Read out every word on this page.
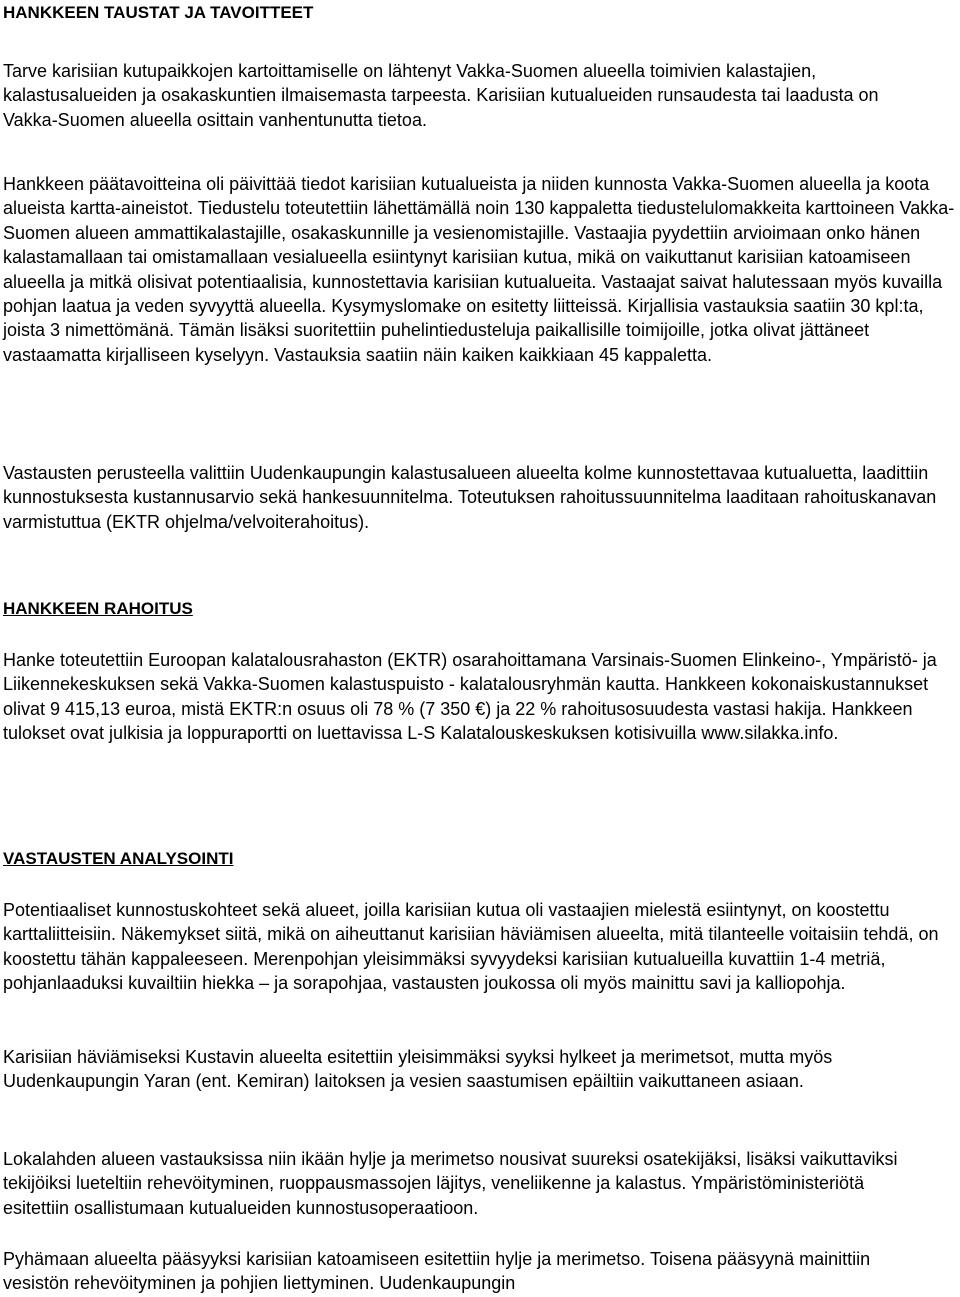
HANKKEEN TAUSTAT JA TAVOITTEET

Tarve karisiian kutupaikkojen kartoittamiselle on lähtenyt Vakka-Suomen alueella toimivien kalastajien, kalastusalueiden ja osakaskuntien ilmaisemasta tarpeesta. Karisiian kutualueiden runsaudesta tai laadusta on Vakka-Suomen alueella osittain vanhentunutta tietoa.

Hankkeen päätavoitteina oli päivittää tiedot karisiian kutualueista ja niiden kunnosta Vakka-Suomen alueella ja koota alueista kartta-aineistot. Tiedustelu toteutettiin lähettämällä noin 130 kappaletta tiedustelulomakkeita karttoineen Vakka-Suomen alueen ammattikalastajille, osakaskunnille ja vesienomistajille. Vastaajia pyydettiin arvioimaan onko hänen kalastamallaan tai omistamallaan vesialueella esiintynyt karisiian kutua, mikä on vaikuttanut karisiian katoamiseen alueella ja mitkä olisivat potentiaalisia, kunnostettavia karisiian kutualueita. Vastaajat saivat halutessaan myös kuvailla pohjan laatua ja veden syvyyttä alueella. Kysymyslomake on esitetty liitteissä. Kirjallisia vastauksia saatiin 30 kpl:ta, joista 3 nimettömänä. Tämän lisäksi suoritettiin puhelintiedusteluja paikallisille toimijoille, jotka olivat jättäneet vastaamatta kirjalliseen kyselyyn. Vastauksia saatiin näin kaiken kaikkiaan 45 kappaletta.

Vastausten perusteella valittiin Uudenkaupungin kalastusalueen alueelta kolme kunnostettavaa kutualuetta, laadittiin kunnostuksesta kustannusarvio sekä hankesuunnitelma. Toteutuksen rahoitussuunnitelma laaditaan rahoituskanavan varmistuttua (EKTR ohjelma/velvoiterahoitus).

HANKKEEN RAHOITUS

Hanke toteutettiin Euroopan kalatalousrahaston (EKTR) osarahoittamana Varsinais-Suomen Elinkeino-, Ympäristö- ja Liikennekeskuksen sekä Vakka-Suomen kalastuspuisto - kalatalousryhmän kautta. Hankkeen kokonaiskustannukset olivat 9 415,13 euroa, mistä EKTR:n osuus oli 78 % (7 350 €) ja 22 % rahoitusosuudesta vastasi hakija. Hankkeen tulokset ovat julkisia ja loppuraportti on luettavissa L-S Kalatalouskeskuksen kotisivuilla www.silakka.info.

VASTAUSTEN ANALYSOINTI

Potentiaaliset kunnostuskohteet sekä alueet, joilla karisiian kutua oli vastaajien mielestä esiintynyt, on koostettu karttaliitteisiin. Näkemykset siitä, mikä on aiheuttanut karisiian häviämisen alueelta, mitä tilanteelle voitaisiin tehdä, on koostettu tähän kappaleeseen. Merenpohjan yleisimmäksi syvyydeksi karisiian kutualueilla kuvattiin 1-4 metriä, pohjanlaaduksi kuvailtiin hiekka – ja sorapohjaa, vastausten joukossa oli myös mainittu savi ja kalliopohja.

Karisiian häviämiseksi Kustavin alueelta esitettiin yleisimmäksi syyksi hylkeet ja merimetsot, mutta myös Uudenkaupungin Yaran (ent. Kemiran) laitoksen ja vesien saastumisen epäiltiin vaikuttaneen asiaan.

Lokalahden alueen vastauksissa niin ikään hylje ja merimetso nousivat suureksi osatekijäksi, lisäksi vaikuttaviksi tekijöiksi lueteltiin rehevöityminen, ruoppausmassojen läjitys, veneliikenne ja kalastus. Ympäristöministeriötä esitettiin osallistumaan kutualueiden kunnostusoperaatioon.

Pyhämaan alueelta pääsyyksi karisiian katoamiseen esitettiin hylje ja merimetso. Toisena pääsyynä mainittiin vesistön rehevöityminen ja pohjien liettyminen. Uudenkaupungin
